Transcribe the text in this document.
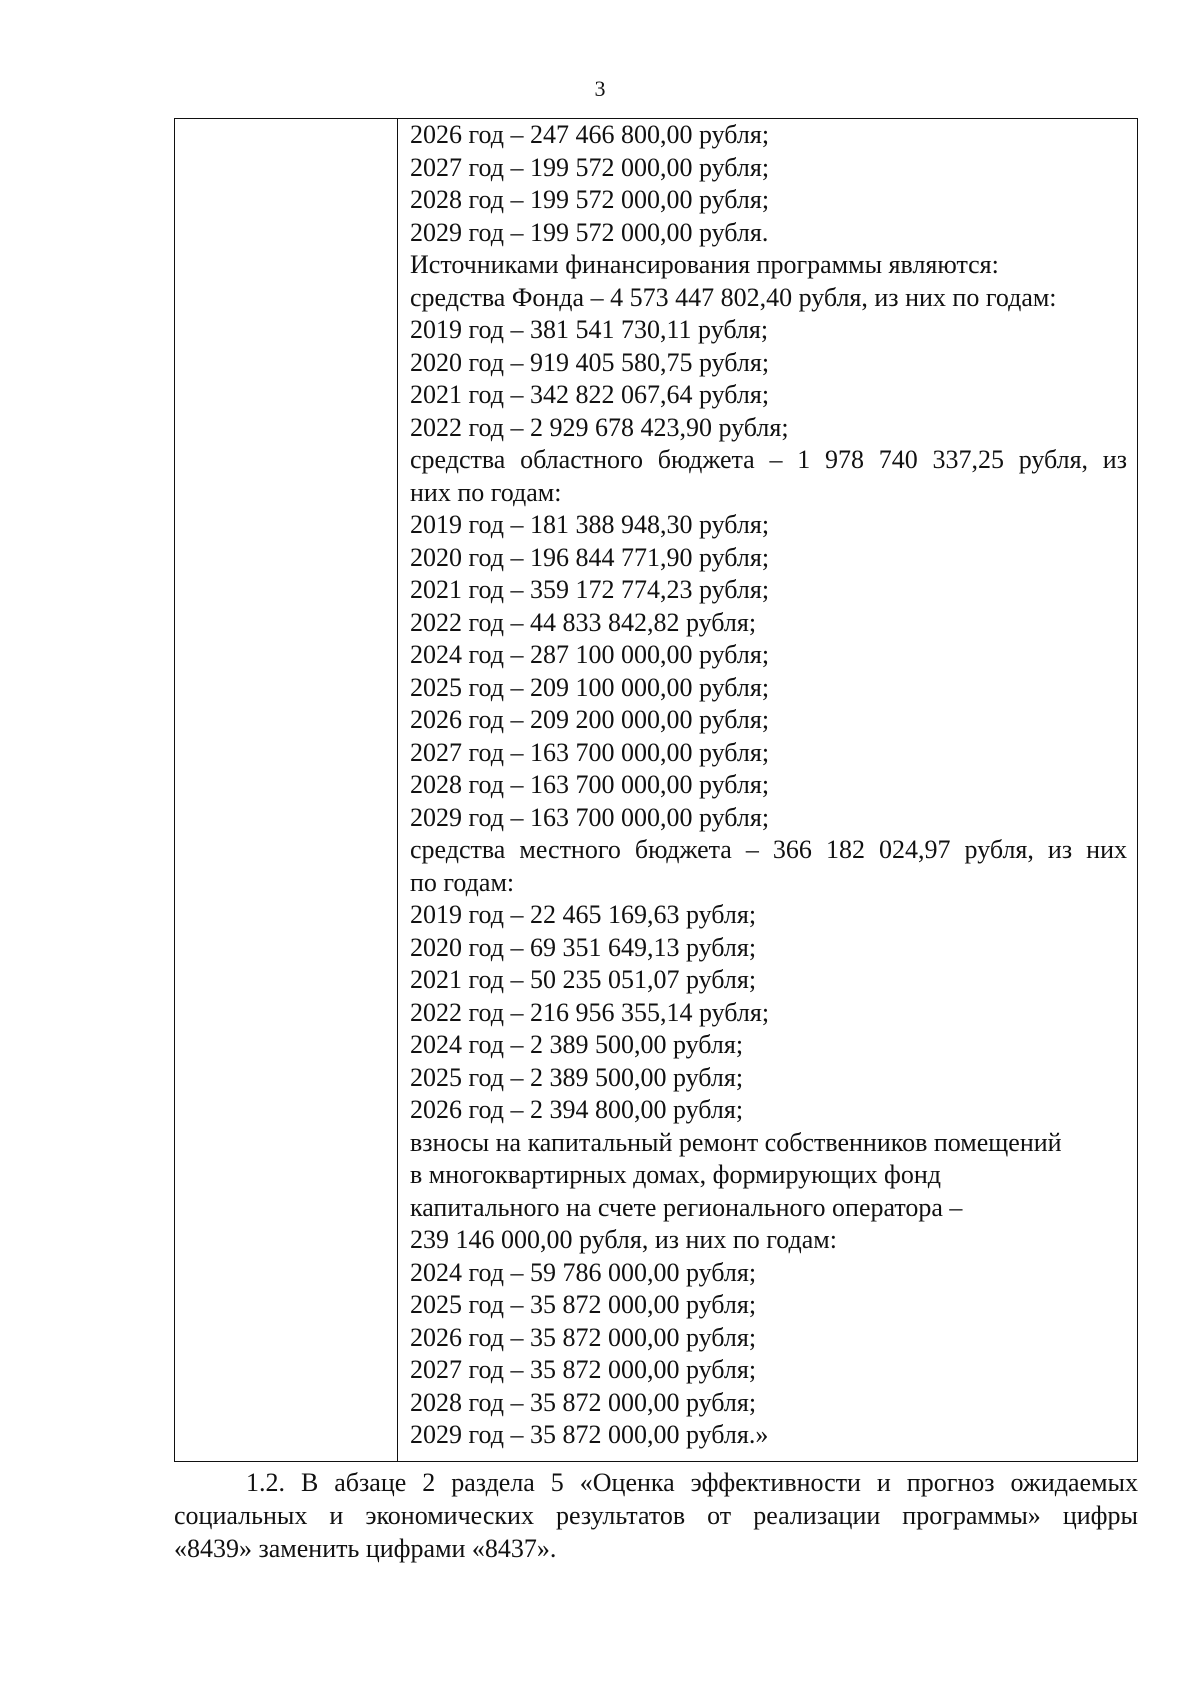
3

2026 год – 247 466 800,00 рубля;
2027 год – 199 572 000,00 рубля;
2028 год – 199 572 000,00 рубля;
2029 год – 199 572 000,00 рубля.
Источниками финансирования программы являются:
средства Фонда – 4 573 447 802,40 рубля, из них по годам:
2019 год – 381 541 730,11 рубля;
2020 год – 919 405 580,75 рубля;
2021 год – 342 822 067,64 рубля;
2022 год – 2 929 678 423,90 рубля;
средства областного бюджета – 1 978 740 337,25 рубля, из
них по годам:
2019 год – 181 388 948,30 рубля;
2020 год – 196 844 771,90 рубля;
2021 год – 359 172 774,23 рубля;
2022 год – 44 833 842,82 рубля;
2024 год – 287 100 000,00 рубля;
2025 год – 209 100 000,00 рубля;
2026 год – 209 200 000,00 рубля;
2027 год – 163 700 000,00 рубля;
2028 год – 163 700 000,00 рубля;
2029 год – 163 700 000,00 рубля;
средства местного бюджета – 366 182 024,97 рубля, из них
по годам:
2019 год – 22 465 169,63 рубля;
2020 год – 69 351 649,13 рубля;
2021 год – 50 235 051,07 рубля;
2022 год – 216 956 355,14 рубля;
2024 год – 2 389 500,00 рубля;
2025 год – 2 389 500,00 рубля;
2026 год – 2 394 800,00 рубля;
взносы на капитальный ремонт собственников помещений
в многоквартирных домах, формирующих фонд
капитального на счете регионального оператора –
239 146 000,00 рубля, из них по годам:
2024 год – 59 786 000,00 рубля;
2025 год – 35 872 000,00 рубля;
2026 год – 35 872 000,00 рубля;
2027 год – 35 872 000,00 рубля;
2028 год – 35 872 000,00 рубля;
2029 год – 35 872 000,00 рубля.»
1.2. В абзаце 2 раздела 5 «Оценка эффективности и прогноз ожидаемых
социальных и экономических результатов от реализации программы» цифры
«8439» заменить цифрами «8437».
